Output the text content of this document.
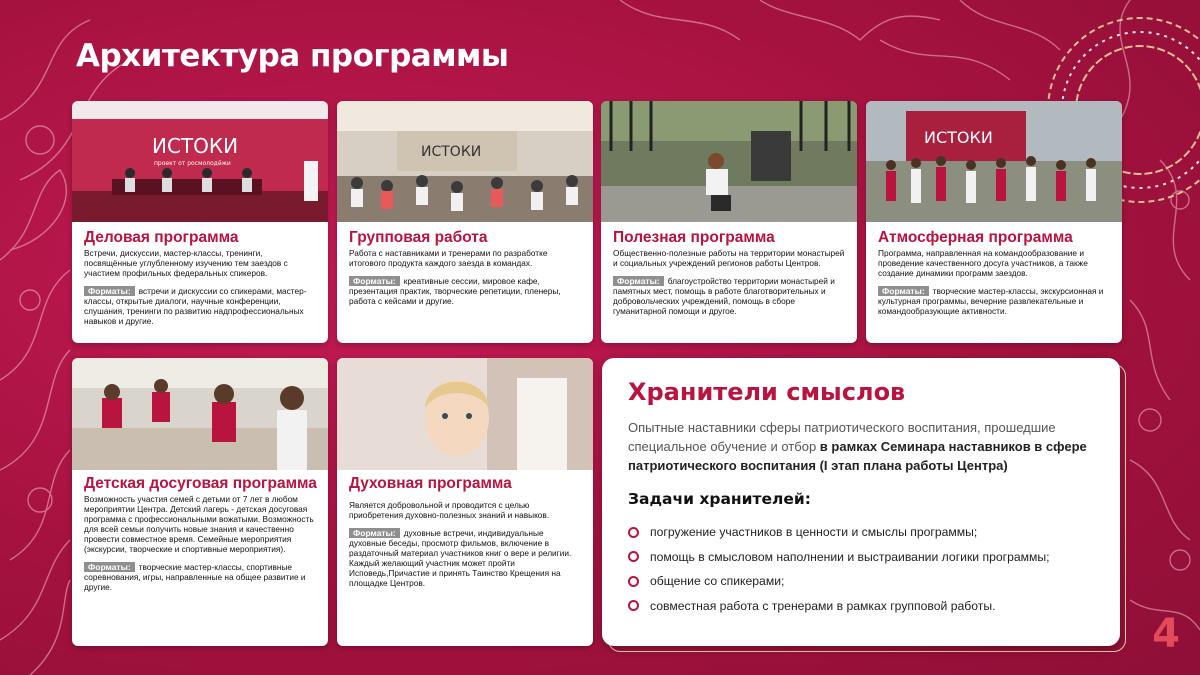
Архитектура программы
ИСТОКИ
проект от росмолодёжи
Деловая программа

Встречи, дискуссии, мастер-классы, тренинги, посвящённые углубленному изучению тем заездов с участием профильных федеральных спикеров.

Форматы: встречи и дискуссии со спикерами, мастер-классы, открытые диалоги, научные конференции, слушания, тренинги по развитию надпрофессиональных навыков и другие.

ИСТОКИ
Групповая работа

Работа с наставниками и тренерами по разработке итогового продукта каждого заезда в командах.

Форматы: креативные сессии, мировое кафе, презентация практик, творческие репетиции, пленеры, работа с кейсами и другие.

Полезная программа

Общественно-полезные работы на территории монастырей и социальных учреждений регионов работы Центров.

Форматы: благоустройство территории монастырей и памятных мест, помощь в работе благотворительных и добровольческих учреждений, помощь в сборе гуманитарной помощи и другое.

ИСТОКИ
Атмосферная программа

Программа, направленная на командообразование и проведение качественного досуга участников, а также создание динамики программ заездов.

Форматы: творческие мастер-классы, экскурсионная и культурная программы, вечерние развлекательные и командообразующие активности.

Детская досуговая программа

Возможность участия семей с детьми от 7 лет в любом мероприятии Центра. Детский лагерь - детская досуговая программа с профессиональными вожатыми. Возможность для всей семьи получить новые знания и качественно провести совместное время. Семейные мероприятия (экскурсии, творческие и спортивные мероприятия).

Форматы: творческие мастер-классы, спортивные соревнования, игры, направленные на общее развитие и другие.

Духовная программа

Является добровольной и проводится с целью приобретения духовно-полезных знаний и навыков.

Форматы: духовные встречи, индивидуальные духовные беседы, просмотр фильмов, включение в раздаточный материал участников книг о вере и религии. Каждый желающий участник может пройти Исповедь,Причастие и принять Таинство Крещения на площадке Центров.

Хранители смыслов

Опытные наставники сферы патриотического воспитания, прошедшие специальное обучение и отбор в рамках Семинара наставников в сфере патриотического воспитания (I этап плана работы Центра)

Задачи хранителей:
погружение участников в ценности и смыслы программы;
помощь в смысловом наполнении и выстраивании логики программы;
общение со спикерами;
совместная работа с тренерами в рамках групповой работы.
4
